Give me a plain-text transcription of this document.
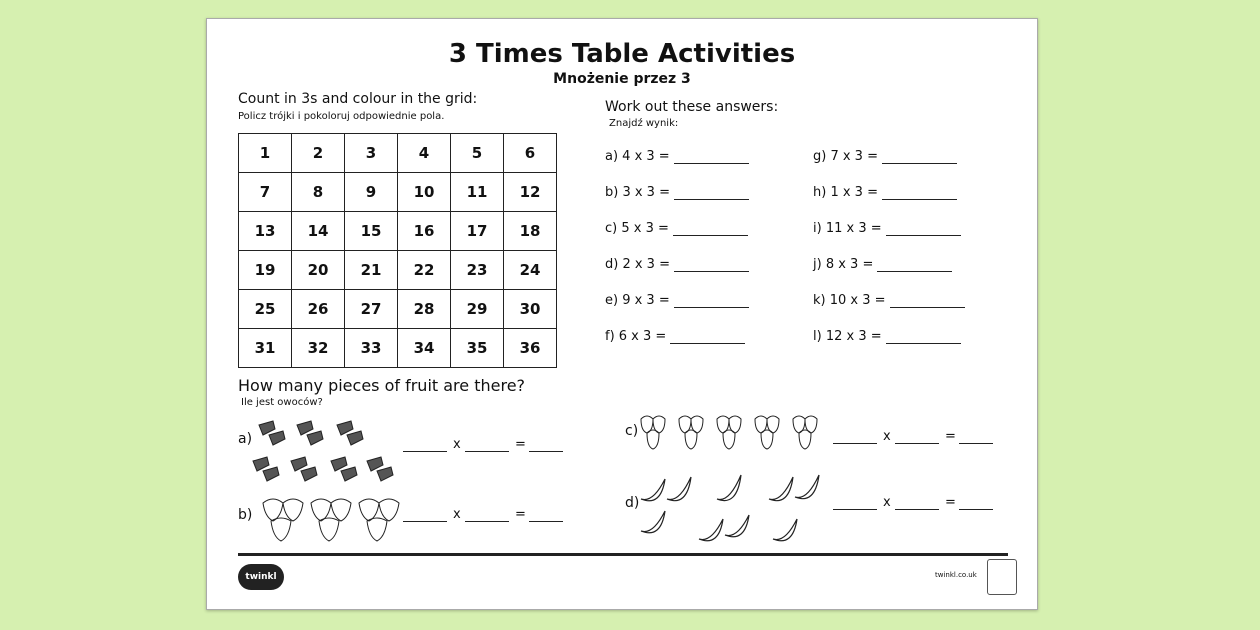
3 Times Table Activities
Mnożenie przez 3
Count in 3s and colour in the grid:
Policz trójki i pokoloruj odpowiednie pola.
1	2	3	4	5	6
7	8	9	10	11	12
13	14	15	16	17	18
19	20	21	22	23	24
25	26	27	28	29	30
31	32	33	34	35	36
Work out these answers:
Znajdź wynik:
How many pieces of fruit are there?
Ile jest owoców?
a)	x	=
b)	x	=
c)	x	=
d)	x	=
twinkl	twinkl.co.uk
a) 4 x 3 =
b) 3 x 3 =
c) 5 x 3 =
d) 2 x 3 =
e) 9 x 3 =
f) 6 x 3 =
g) 7 x 3 =
h) 1 x 3 =
i) 11 x 3 =
j) 8 x 3 =
k) 10 x 3 =
l) 12 x 3 =
